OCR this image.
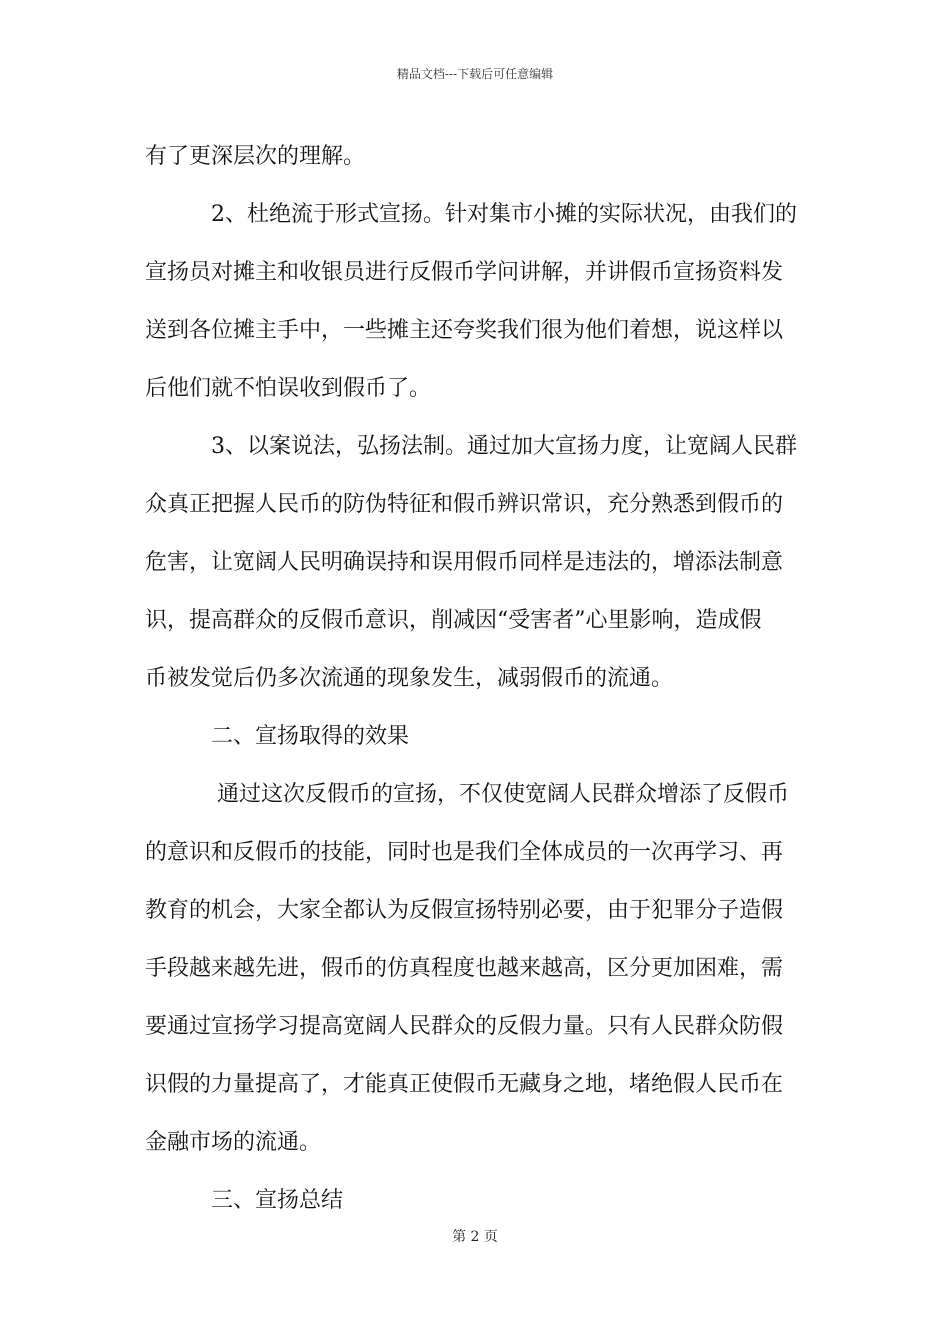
精品文档---下载后可任意编辑
有了更深层次的理解。
2、杜绝流于形式宣扬。针对集市小摊的实际状况，由我们的
宣扬员对摊主和收银员进行反假币学问讲解，并讲假币宣扬资料发
送到各位摊主手中，一些摊主还夸奖我们很为他们着想，说这样以
后他们就不怕误收到假币了。
3、以案说法，弘扬法制。通过加大宣扬力度，让宽阔人民群
众真正把握人民币的防伪特征和假币辨识常识，充分熟悉到假币的
危害，让宽阔人民明确误持和误用假币同样是违法的，增添法制意
识，提高群众的反假币意识，削减因“受害者”心里影响，造成假
币被发觉后仍多次流通的现象发生，减弱假币的流通。
二、宣扬取得的效果
通过这次反假币的宣扬，不仅使宽阔人民群众增添了反假币
的意识和反假币的技能，同时也是我们全体成员的一次再学习、再
教育的机会，大家全都认为反假宣扬特别必要，由于犯罪分子造假
手段越来越先进，假币的仿真程度也越来越高，区分更加困难，需
要通过宣扬学习提高宽阔人民群众的反假力量。只有人民群众防假
识假的力量提高了，才能真正使假币无藏身之地，堵绝假人民币在
金融市场的流通。
三、宣扬总结
第 2 页
